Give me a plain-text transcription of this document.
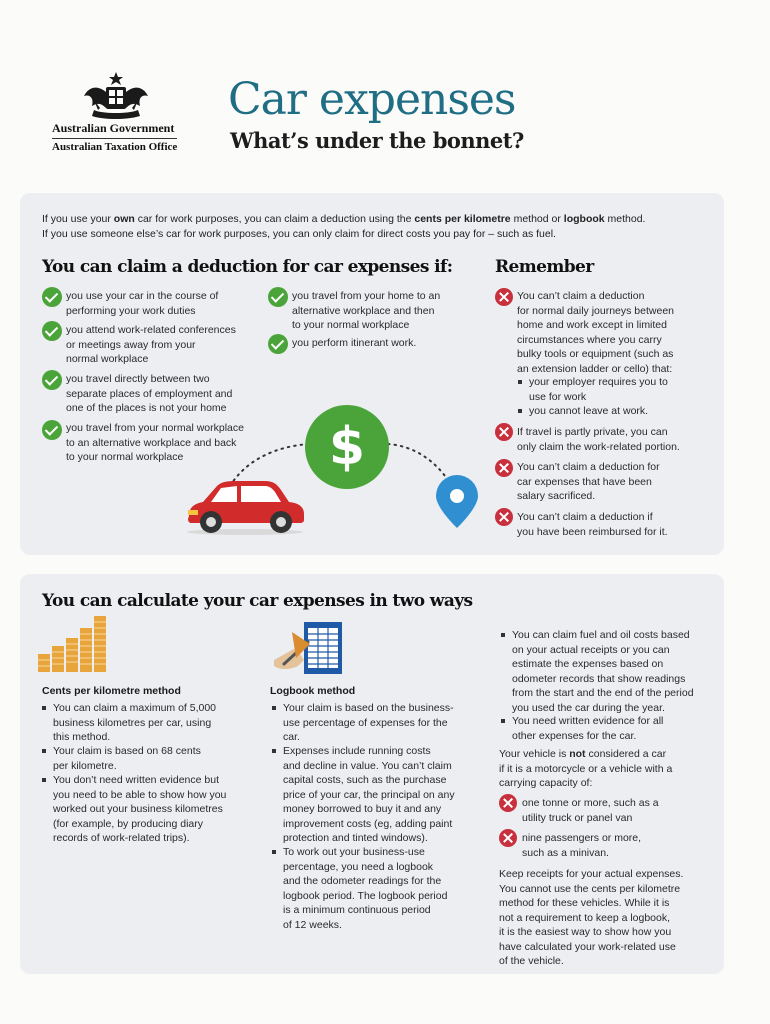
Australian Government
Australian Taxation Office
Car expenses
What’s under the bonnet?
If you use your own car for work purposes, you can claim a deduction using the cents per kilometre method or logbook method.
If you use someone else’s car for work purposes, you can only claim for direct costs you pay for – such as fuel.
You can claim a deduction for car expenses if:	Remember
you use your car in the course of
performing your work duties
you attend work-related conferences
or meetings away from your
normal workplace
you travel directly between two
separate places of employment and
one of the places is not your home
you travel from your normal workplace
to an alternative workplace and back
to your normal workplace
you travel from your home to an
alternative workplace and then
to your normal workplace
you perform itinerant work.
$
You can’t claim a deduction
for normal daily journeys between
home and work except in limited
circumstances where you carry
bulky tools or equipment (such as
an extension ladder or cello) that:
your employer requires you to
use for work
you cannot leave at work.
If travel is partly private, you can
only claim the work-related portion.
You can’t claim a deduction for
car expenses that have been
salary sacrificed.
You can’t claim a deduction if
you have been reimbursed for it.
You can calculate your car expenses in two ways
Cents per kilometre method
You can claim a maximum of 5,000
business kilometres per car, using
this method.
Your claim is based on 68 cents
per kilometre.
You don’t need written evidence but
you need to be able to show how you
worked out your business kilometres
(for example, by producing diary
records of work-related trips).
Logbook method
Your claim is based on the business-
use percentage of expenses for the
car.
Expenses include running costs
and decline in value. You can’t claim
capital costs, such as the purchase
price of your car, the principal on any
money borrowed to buy it and any
improvement costs (eg, adding paint
protection and tinted windows).
To work out your business-use
percentage, you need a logbook
and the odometer readings for the
logbook period. The logbook period
is a minimum continuous period
of 12 weeks.
You can claim fuel and oil costs based
on your actual receipts or you can
estimate the expenses based on
odometer records that show readings
from the start and the end of the period
you used the car during the year.
You need written evidence for all
other expenses for the car.
Your vehicle is not considered a car
if it is a motorcycle or a vehicle with a
carrying capacity of:
one tonne or more, such as a
utility truck or panel van
nine passengers or more,
such as a minivan.
Keep receipts for your actual expenses.
You cannot use the cents per kilometre
method for these vehicles. While it is
not a requirement to keep a logbook,
it is the easiest way to show how you
have calculated your work-related use
of the vehicle.
